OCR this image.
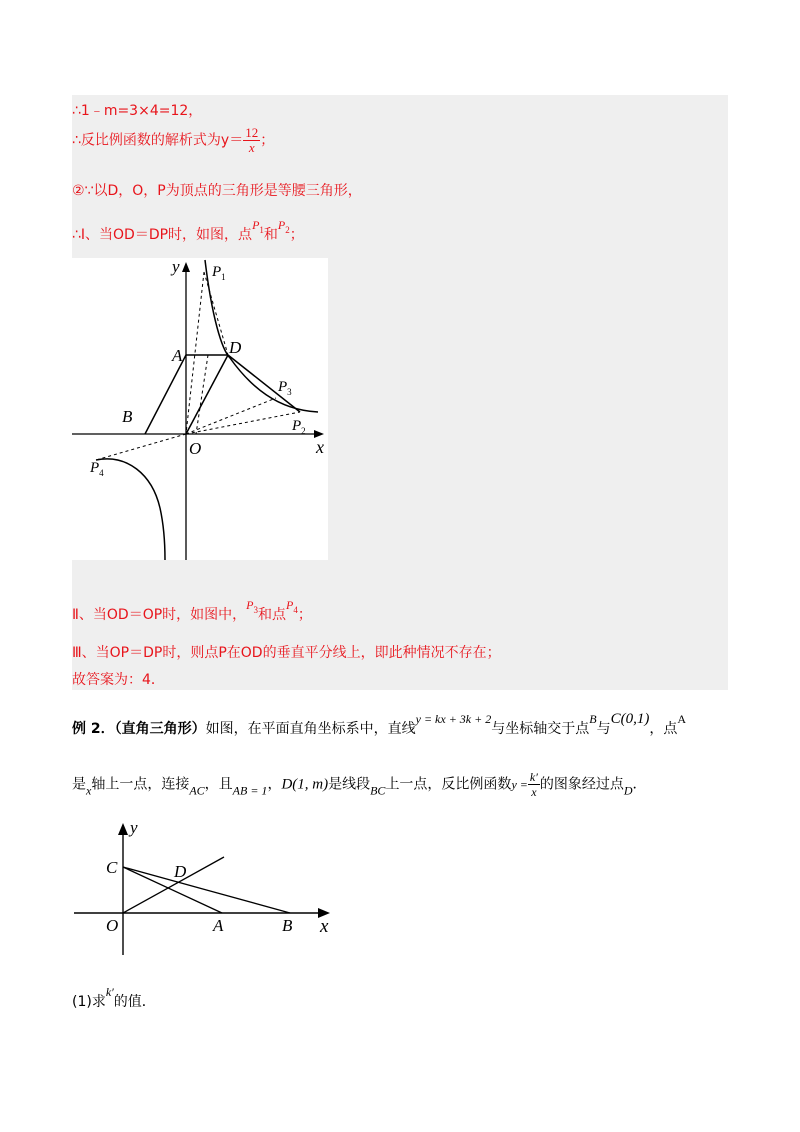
∴1﹣m=3×4=12，
∴反比例函数的解析式为$y= \frac{12}{x}$ ；
②∵以D，O，P为顶点的三角形是等腰三角形，
∴Ⅰ、当OD＝DP时，如图，点$P^1$和$P^2$；
y
x
O
A	D
B
$P_1$
$P_2$
$P_3$
$P_4$
Ⅱ、当OD＝OP时，如图中，$P^3$和点$P^4$；
Ⅲ、当OP＝DP时，则点P在OD的垂直平分线上，即此种情况不存在；
故答案为：4．
例 2．（直角三角形）如图，在平面直角坐标系中，直线y = kx + 3k + 2与坐标轴交于点B与C(0,1)，点A
是x轴上一点，连接AC，且AB = 1，D(1, m)是线段BC上一点，反比例函数$y = \frac{k'}{x}$ 的图象经过点D．
y
x
O	A	B
C	D
(1)求k′的值．
